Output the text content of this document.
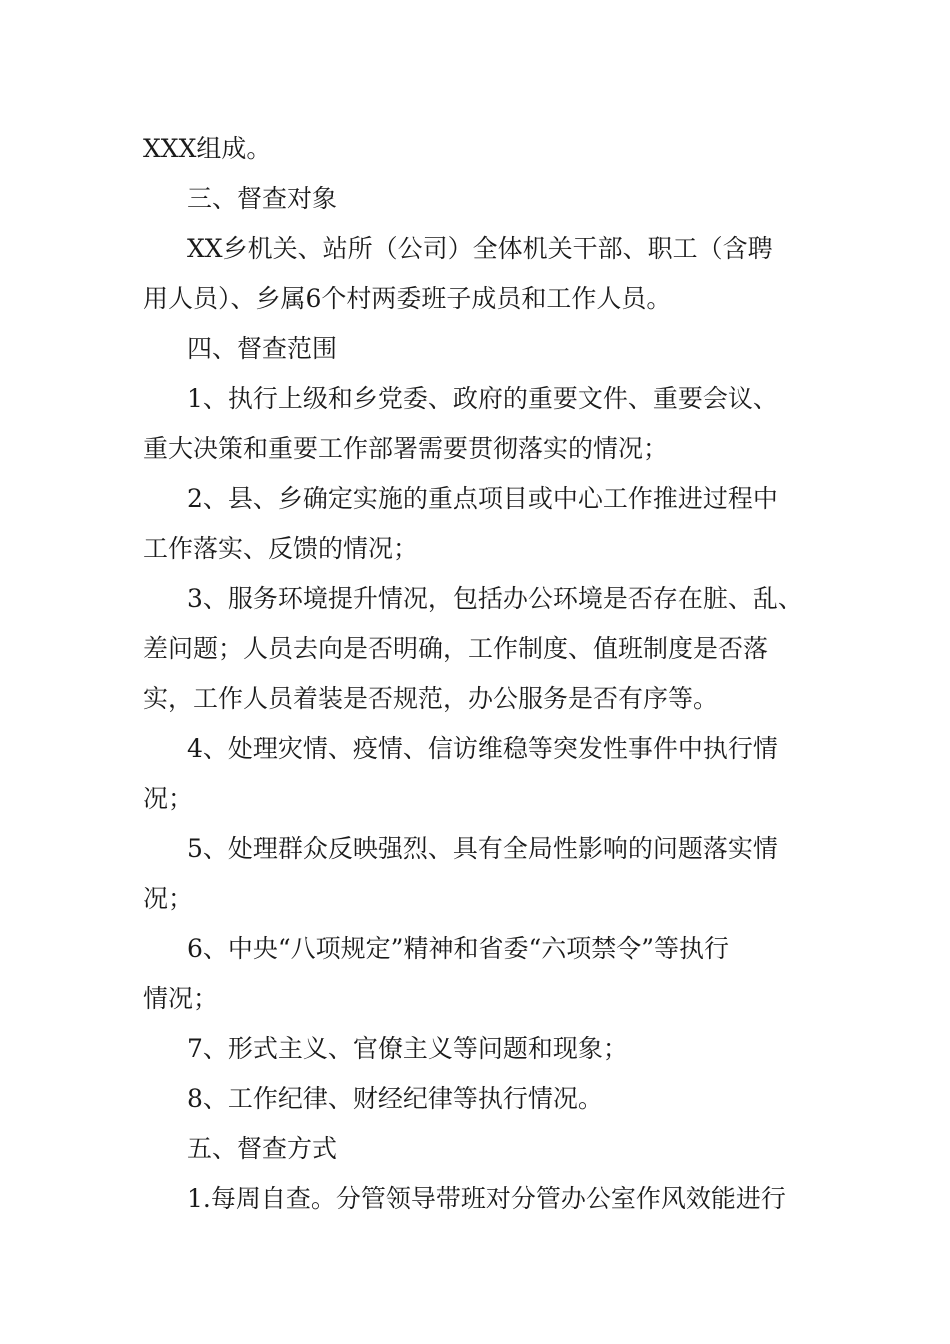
XXX组成。
三、督查对象
XX乡机关、站所（公司）全体机关干部、职工（含聘
用人员）、乡属6个村两委班子成员和工作人员。
四、督查范围
1、执行上级和乡党委、政府的重要文件、重要会议、
重大决策和重要工作部署需要贯彻落实的情况；
2、县、乡确定实施的重点项目或中心工作推进过程中
工作落实、反馈的情况；
3、服务环境提升情况，包括办公环境是否存在脏、乱、
差问题；人员去向是否明确，工作制度、值班制度是否落
实，工作人员着装是否规范，办公服务是否有序等。
4、处理灾情、疫情、信访维稳等突发性事件中执行情
况；
5、处理群众反映强烈、具有全局性影响的问题落实情
况；
6、中央“八项规定”精神和省委“六项禁令”等执行
情况；
7、形式主义、官僚主义等问题和现象；
8、工作纪律、财经纪律等执行情况。
五、督查方式
1.每周自查。分管领导带班对分管办公室作风效能进行
